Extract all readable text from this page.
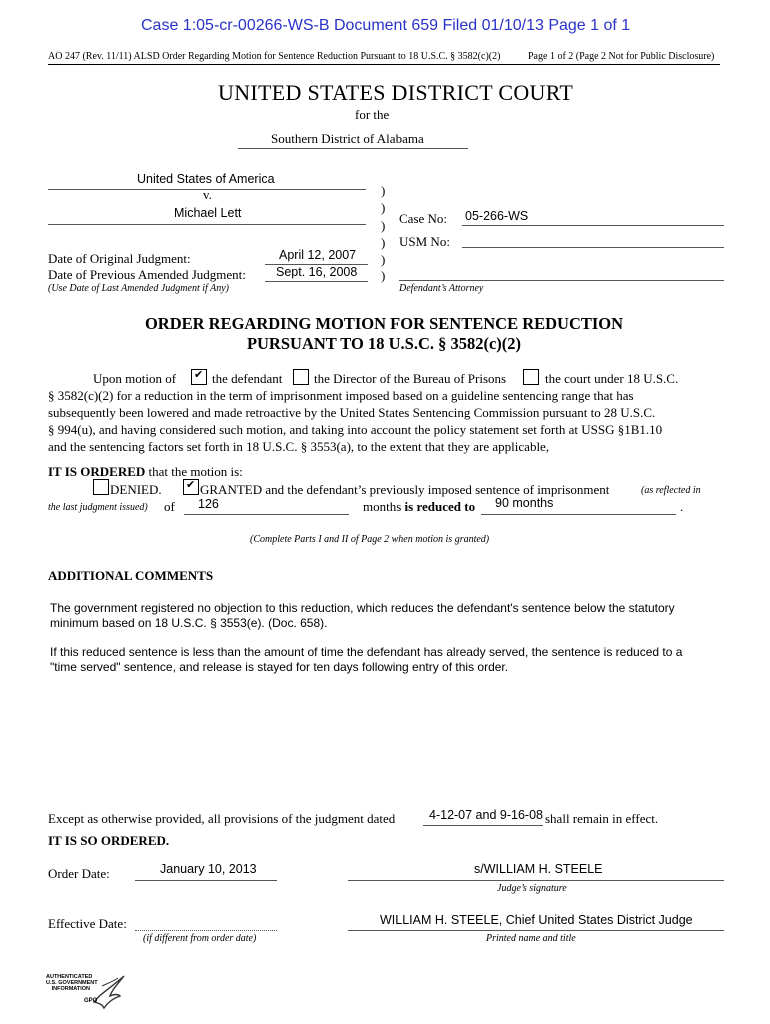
Case 1:05-cr-00266-WS-B Document 659 Filed 01/10/13 Page 1 of 1
AO 247 (Rev. 11/11) ALSD Order Regarding Motion for Sentence Reduction Pursuant to 18 U.S.C. § 3582(c)(2)	Page 1 of 2 (Page 2 Not for Public Disclosure)
UNITED STATES DISTRICT COURT
for the
Southern District of Alabama
United States of America
v.
Michael Lett
)
)
)
)
)
)
Case No: 05-266-WS
USM No:
Date of Original Judgment:	April 12, 2007
Date of Previous Amended Judgment: Sept. 16, 2008
(Use Date of Last Amended Judgment if Any)	Defendant’s Attorney
ORDER REGARDING MOTION FOR SENTENCE REDUCTION
PURSUANT TO 18 U.S.C. § 3582(c)(2)
Upon motion of ✔	the defendant the Director of the Bureau of Prisons	the court under 18 U.S.C.
§ 3582(c)(2) for a reduction in the term of imprisonment imposed based on a guideline sentencing range that has
subsequently been lowered and made retroactive by the United States Sentencing Commission pursuant to 28 U.S.C.
§ 994(u), and having considered such motion, and taking into account the policy statement set forth at USSG §1B1.10
and the sentencing factors set forth in 18 U.S.C. § 3553(a), to the extent that they are applicable,
IT IS ORDERED that the motion is:
DENIED. ✔	GRANTED and the defendant’s previously imposed sentence of imprisonment	(as reflected in
the last judgment issued) of 126	months is reduced to 90 months	.
(Complete Parts I and II of Page 2 when motion is granted)
ADDITIONAL COMMENTS
The government registered no objection to this reduction, which reduces the defendant's sentence below the statutory
minimum based on 18 U.S.C. § 3553(e). (Doc. 658).
If this reduced sentence is less than the amount of time the defendant has already served, the sentence is reduced to a
"time served" sentence, and release is stayed for ten days following entry of this order.
Except as otherwise provided, all provisions of the judgment dated	4-12-07 and 9-16-08 shall remain in effect.
IT IS SO ORDERED.
Order Date:	January 10, 2013	s/WILLIAM H. STEELE
Judge’s signature
Effective Date:
(if different from order date)
WILLIAM H. STEELE, Chief United States District Judge
Printed name and title
AUTHENTICATED
U.S. GOVERNMENT
INFORMATION
GPO
